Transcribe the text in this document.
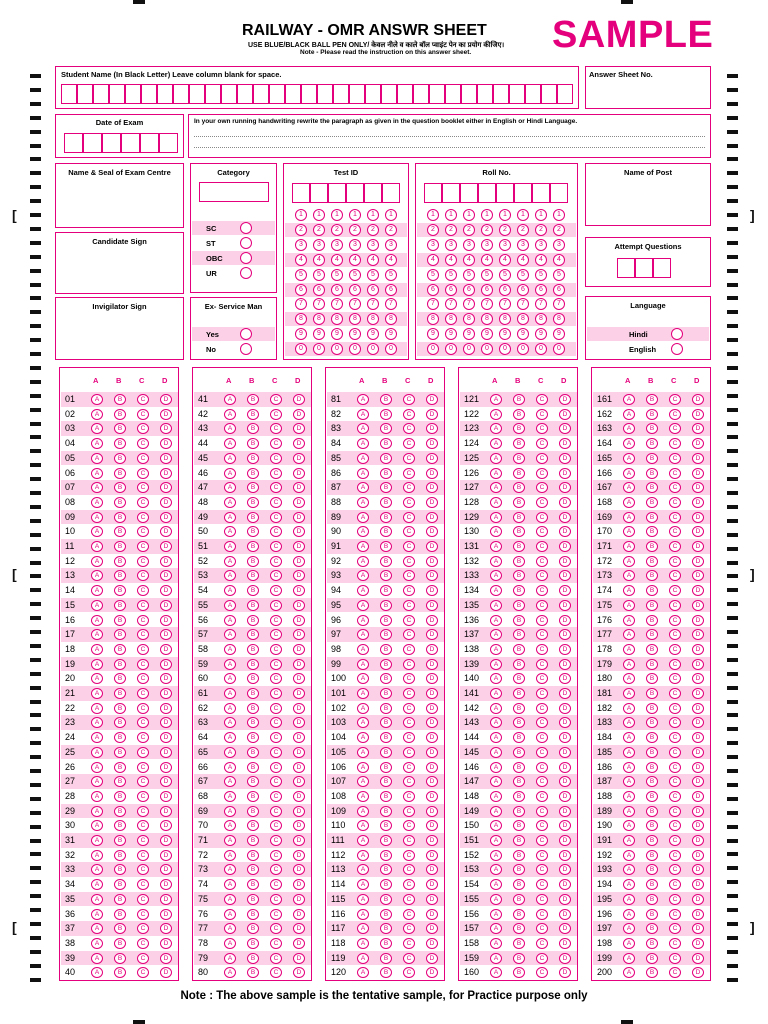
RAILWAY - OMR ANSWR SHEET
USE BLUE/BLACK BALL PEN ONLY/ केवल नीले व काले बॉल प्वाइंट पेन का प्रयोग कीजिए।
Note - Please read the instruction on this answer sheet. SAMPLE
Student Name (In Black Letter) Leave column blank for space.	Answer Sheet No.
Date of Exam	In your own running handwriting rewrite the paragraph as given in the question booklet either in English or Hindi Language.
Name & Seal of Exam Centre
Candidate Sign
Invigilator Sign
Category
SC
ST
OBC
UR
Ex- Service Man
Yes
No
Test ID
1	1	1	1	1	1
2	2	2	2	2	2
3	3	3	3	3	3
4	4	4	4	4	4
5	5	5	5	5	5
6	6	6	6	6	6
7	7	7	7	7	7
8	8	8	8	8	8
9	9	9	9	9	9
0	0	0	0	0	0
Roll No.
1	1	1	1	1	1	1	1
2	2	2	2	2	2	2	2
3	3	3	3	3	3	3	3
4	4	4	4	4	4	4	4
5	5	5	5	5	5	5	5
6	6	6	6	6	6	6	6
7	7	7	7	7	7	7	7
8	8	8	8	8	8	8	8
9	9	9	9	9	9	9	9
0	0	0	0	0	0	0	0
Name of Post
Attempt Questions
Language
Hindi
English
A B C D
01	A	B	C	D
02	A	B	C	D
03	A	B	C	D
04	A	B	C	D
05	A	B	C	D
06	A	B	C	D
07	A	B	C	D
08	A	B	C	D
09	A	B	C	D
10	A	B	C	D
11	A	B	C	D
12	A	B	C	D
13	A	B	C	D
14	A	B	C	D
15	A	B	C	D
16	A	B	C	D
17	A	B	C	D
18	A	B	C	D
19	A	B	C	D
20	A	B	C	D
21	A	B	C	D
22	A	B	C	D
23	A	B	C	D
24	A	B	C	D
25	A	B	C	D
26	A	B	C	D
27	A	B	C	D
28	A	B	C	D
29	A	B	C	D
30	A	B	C	D
31	A	B	C	D
32	A	B	C	D
33	A	B	C	D
34	A	B	C	D
35	A	B	C	D
36	A	B	C	D
37	A	B	C	D
38	A	B	C	D
39	A	B	C	D
40	A	B	C	D
A B C D
41	A	B	C	D
42	A	B	C	D
43	A	B	C	D
44	A	B	C	D
45	A	B	C	D
46	A	B	C	D
47	A	B	C	D
48	A	B	C	D
49	A	B	C	D
50	A	B	C	D
51	A	B	C	D
52	A	B	C	D
53	A	B	C	D
54	A	B	C	D
55	A	B	C	D
56	A	B	C	D
57	A	B	C	D
58	A	B	C	D
59	A	B	C	D
60	A	B	C	D
61	A	B	C	D
62	A	B	C	D
63	A	B	C	D
64	A	B	C	D
65	A	B	C	D
66	A	B	C	D
67	A	B	C	D
68	A	B	C	D
69	A	B	C	D
70	A	B	C	D
71	A	B	C	D
72	A	B	C	D
73	A	B	C	D
74	A	B	C	D
75	A	B	C	D
76	A	B	C	D
77	A	B	C	D
78	A	B	C	D
79	A	B	C	D
80	A	B	C	D
A B C D
81	A	B	C	D
82	A	B	C	D
83	A	B	C	D
84	A	B	C	D
85	A	B	C	D
86	A	B	C	D
87	A	B	C	D
88	A	B	C	D
89	A	B	C	D
90	A	B	C	D
91	A	B	C	D
92	A	B	C	D
93	A	B	C	D
94	A	B	C	D
95	A	B	C	D
96	A	B	C	D
97	A	B	C	D
98	A	B	C	D
99	A	B	C	D
100	A	B	C	D
101	A	B	C	D
102	A	B	C	D
103	A	B	C	D
104	A	B	C	D
105	A	B	C	D
106	A	B	C	D
107	A	B	C	D
108	A	B	C	D
109	A	B	C	D
110	A	B	C	D
111	A	B	C	D
112	A	B	C	D
113	A	B	C	D
114	A	B	C	D
115	A	B	C	D
116	A	B	C	D
117	A	B	C	D
118	A	B	C	D
119	A	B	C	D
120	A	B	C	D
A B C D
121	A	B	C	D
122	A	B	C	D
123	A	B	C	D
124	A	B	C	D
125	A	B	C	D
126	A	B	C	D
127	A	B	C	D
128	A	B	C	D
129	A	B	C	D
130	A	B	C	D
131	A	B	C	D
132	A	B	C	D
133	A	B	C	D
134	A	B	C	D
135	A	B	C	D
136	A	B	C	D
137	A	B	C	D
138	A	B	C	D
139	A	B	C	D
140	A	B	C	D
141	A	B	C	D
142	A	B	C	D
143	A	B	C	D
144	A	B	C	D
145	A	B	C	D
146	A	B	C	D
147	A	B	C	D
148	A	B	C	D
149	A	B	C	D
150	A	B	C	D
151	A	B	C	D
152	A	B	C	D
153	A	B	C	D
154	A	B	C	D
155	A	B	C	D
156	A	B	C	D
157	A	B	C	D
158	A	B	C	D
159	A	B	C	D
160	A	B	C	D
A B C D
161	A	B	C	D
162	A	B	C	D
163	A	B	C	D
164	A	B	C	D
165	A	B	C	D
166	A	B	C	D
167	A	B	C	D
168	A	B	C	D
169	A	B	C	D
170	A	B	C	D
171	A	B	C	D
172	A	B	C	D
173	A	B	C	D
174	A	B	C	D
175	A	B	C	D
176	A	B	C	D
177	A	B	C	D
178	A	B	C	D
179	A	B	C	D
180	A	B	C	D
181	A	B	C	D
182	A	B	C	D
183	A	B	C	D
184	A	B	C	D
185	A	B	C	D
186	A	B	C	D
187	A	B	C	D
188	A	B	C	D
189	A	B	C	D
190	A	B	C	D
191	A	B	C	D
192	A	B	C	D
193	A	B	C	D
194	A	B	C	D
195	A	B	C	D
196	A	B	C	D
197	A	B	C	D
198	A	B	C	D
199	A	B	C	D
200	A	B	C	D
Note : The above sample is the tentative sample, for Practice purpose only
[
[
[
]
]
]
